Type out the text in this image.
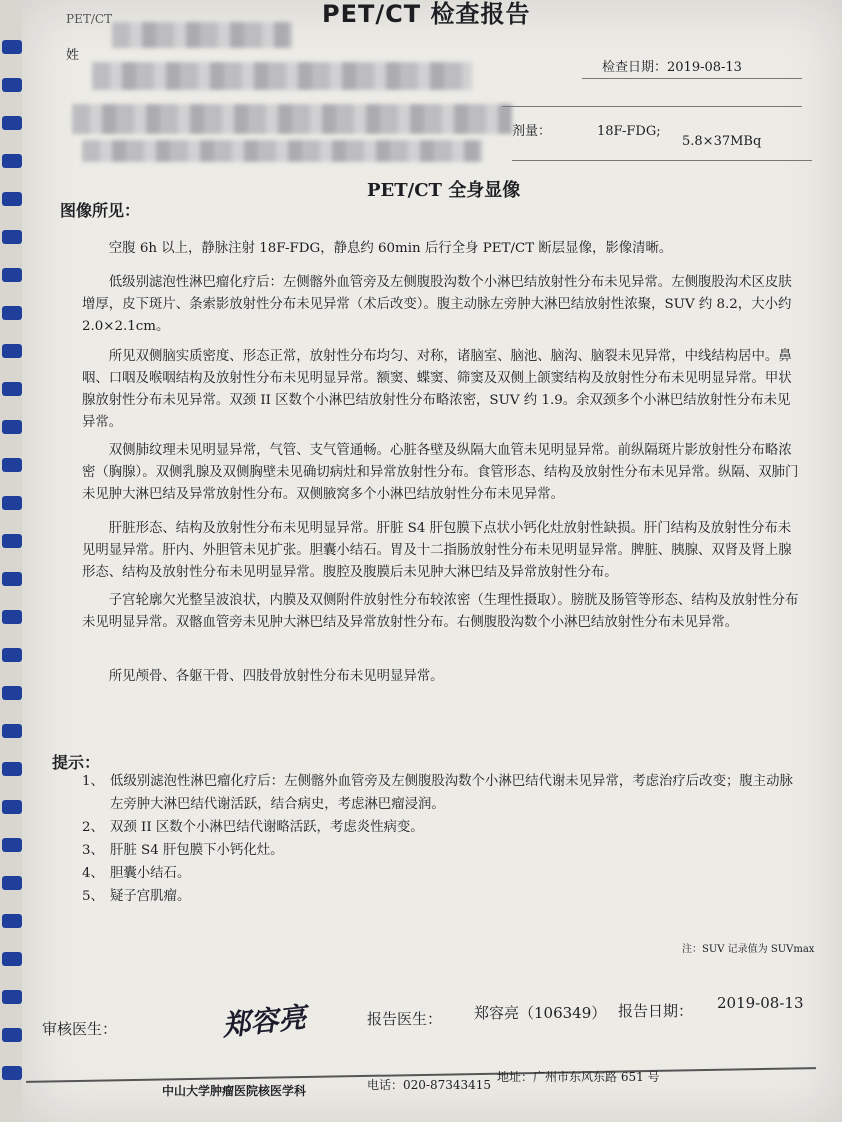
PET/CT	PET/CT 检查报告
姓
检查日期：2019-08-13
剂量：	18F-FDG;
5.8×37MBq
PET/CT 全身显像
图像所见：

空腹 6h 以上，静脉注射 18F-FDG，静息约 60min 后行全身 PET/CT 断层显像，影像清晰。

低级别滤泡性淋巴瘤化疗后：左侧髂外血管旁及左侧腹股沟数个小淋巴结放射性分布未见异常。左侧腹股沟术区皮肤增厚，皮下斑片、条索影放射性分布未见异常（术后改变）。腹主动脉左旁肿大淋巴结放射性浓聚，SUV 约 8.2，大小约 2.0×2.1cm。

所见双侧脑实质密度、形态正常，放射性分布均匀、对称，诸脑室、脑池、脑沟、脑裂未见异常，中线结构居中。鼻咽、口咽及喉咽结构及放射性分布未见明显异常。额窦、蝶窦、筛窦及双侧上颌窦结构及放射性分布未见明显异常。甲状腺放射性分布未见异常。双颈 II 区数个小淋巴结放射性分布略浓密，SUV 约 1.9。余双颈多个小淋巴结放射性分布未见异常。

双侧肺纹理未见明显异常，气管、支气管通畅。心脏各壁及纵隔大血管未见明显异常。前纵隔斑片影放射性分布略浓密（胸腺）。双侧乳腺及双侧胸壁未见确切病灶和异常放射性分布。食管形态、结构及放射性分布未见异常。纵隔、双肺门未见肿大淋巴结及异常放射性分布。双侧腋窝多个小淋巴结放射性分布未见异常。

肝脏形态、结构及放射性分布未见明显异常。肝脏 S4 肝包膜下点状小钙化灶放射性缺损。肝门结构及放射性分布未见明显异常。肝内、外胆管未见扩张。胆囊小结石。胃及十二指肠放射性分布未见明显异常。脾脏、胰腺、双肾及肾上腺形态、结构及放射性分布未见明显异常。腹腔及腹膜后未见肿大淋巴结及异常放射性分布。

子宫轮廓欠光整呈波浪状，内膜及双侧附件放射性分布较浓密（生理性摄取）。膀胱及肠管等形态、结构及放射性分布未见明显异常。双髂血管旁未见肿大淋巴结及异常放射性分布。右侧腹股沟数个小淋巴结放射性分布未见异常。

所见颅骨、各躯干骨、四肢骨放射性分布未见明显异常。

提示：
1、 低级别滤泡性淋巴瘤化疗后：左侧髂外血管旁及左侧腹股沟数个小淋巴结代谢未见异常，考虑治疗后改变；腹主动脉左旁肿大淋巴结代谢活跃，结合病史，考虑淋巴瘤浸润。
2、 双颈 II 区数个小淋巴结代谢略活跃，考虑炎性病变。
3、 肝脏 S4 肝包膜下小钙化灶。
4、 胆囊小结石。
5、 疑子宫肌瘤。
注：SUV 记录值为 SUVmax
审核医生：	郑容亮	报告医生： 郑容亮（106349） 报告日期： 2019-08-13
中山大学肿瘤医院核医学科	电话：020-87343415
地址：广州市东风东路 651 号
